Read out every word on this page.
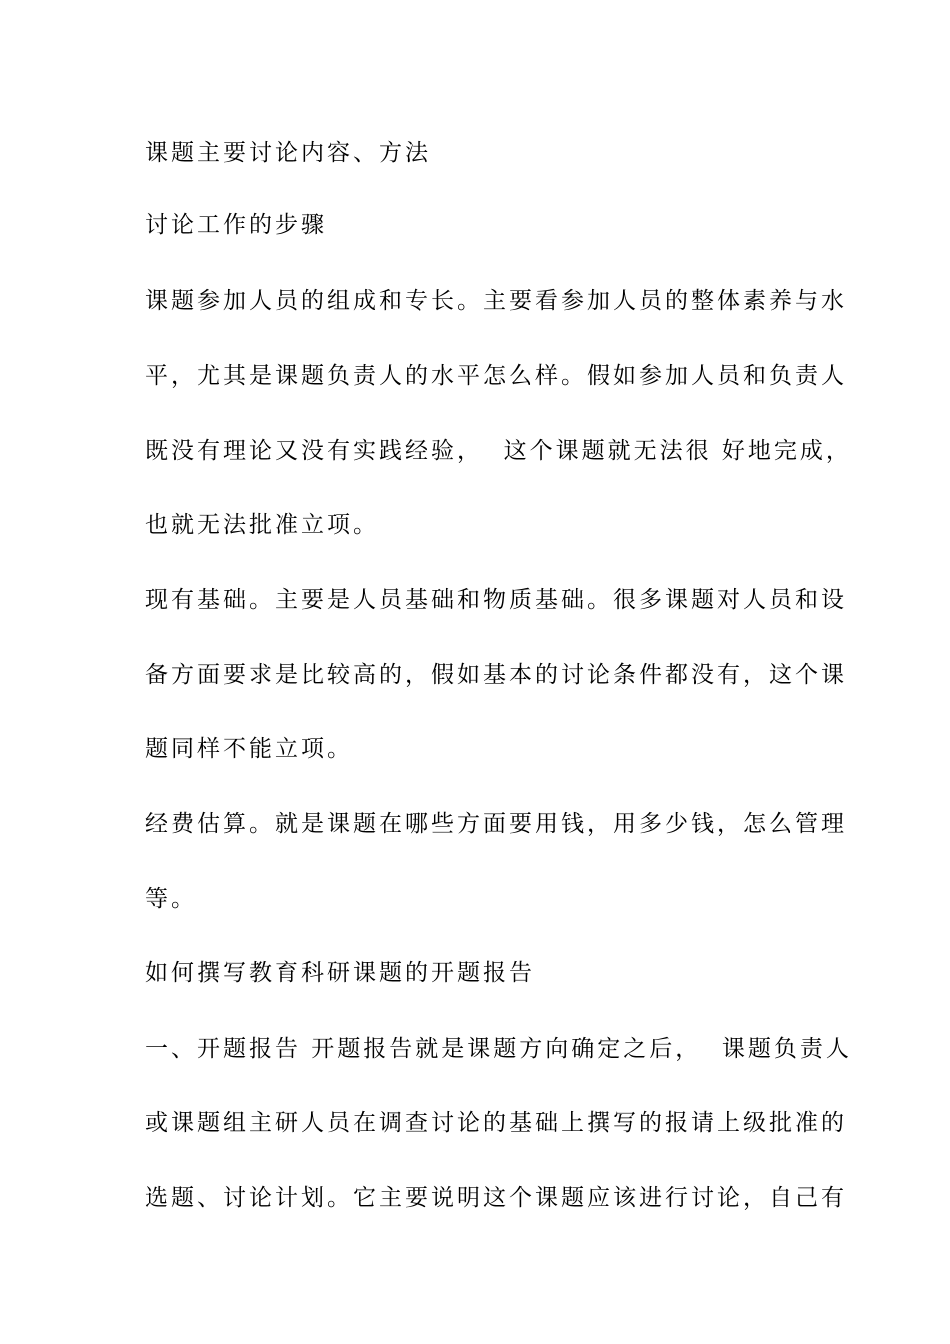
课题主要讨论内容、方法

讨论工作的步骤

课题参加人员的组成和专长。主要看参加人员的整体素养与水

平，尤其是课题负责人的水平怎么样。假如参加人员和负责人

既没有理论又没有实践经验，  这个课题就无法很 好地完成，

也就无法批准立项。

现有基础。主要是人员基础和物质基础。很多课题对人员和设

备方面要求是比较高的，假如基本的讨论条件都没有，这个课

题同样不能立项。

经费估算。就是课题在哪些方面要用钱，用多少钱，怎么管理

等。

如何撰写教育科研课题的开题报告

一、开题报告 开题报告就是课题方向确定之后，  课题负责人

或课题组主研人员在调查讨论的基础上撰写的报请上级批准的

选题、讨论计划。它主要说明这个课题应该进行讨论，自己有
